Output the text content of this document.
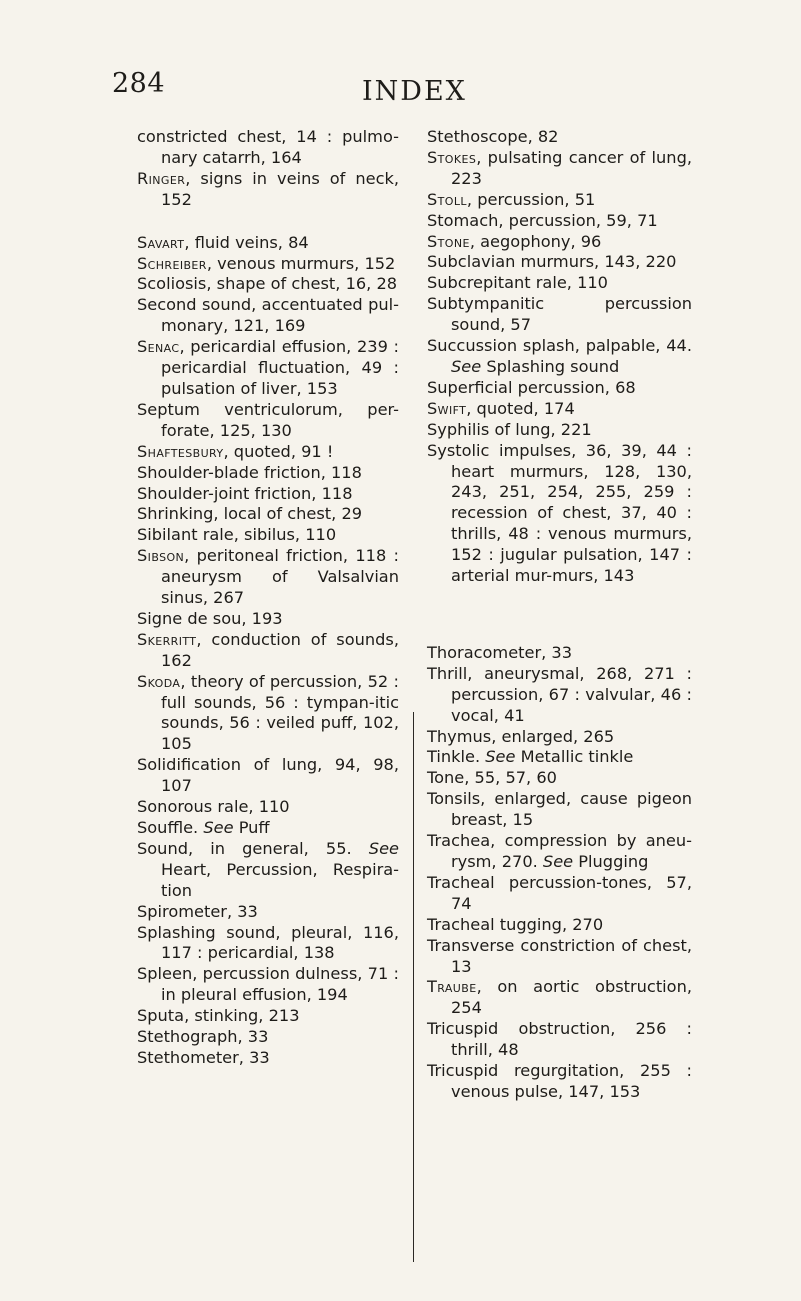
284	INDEX
constricted chest, 14 : pulmo-nary catarrh, 164
Ringer, signs in veins of neck, 152
Savart, fluid veins, 84
Schreiber, venous murmurs, 152
Scoliosis, shape of chest, 16, 28
Second sound, accentuated pul-monary, 121, 169
Senac, pericardial effusion, 239 : pericardial fluctuation, 49 : pulsation of liver, 153
Septum ventriculorum, per-forate, 125, 130
Shaftesbury, quoted, 91 !
Shoulder-blade friction, 118
Shoulder-joint friction, 118
Shrinking, local of chest, 29
Sibilant rale, sibilus, 110
Sibson, peritoneal friction, 118 : aneurysm of Valsalvian sinus, 267
Signe de sou, 193
Skerritt, conduction of sounds, 162
Skoda, theory of percussion, 52 : full sounds, 56 : tympan-itic sounds, 56 : veiled puff, 102, 105
Solidification of lung, 94, 98, 107
Sonorous rale, 110
Souffle. See Puff
Sound, in general, 55. See Heart, Percussion, Respira-tion
Spirometer, 33
Splashing sound, pleural, 116, 117 : pericardial, 138
Spleen, percussion dulness, 71 : in pleural effusion, 194
Sputa, stinking, 213
Stethograph, 33
Stethometer, 33
Stethoscope, 82
Stokes, pulsating cancer of lung, 223
Stoll, percussion, 51
Stomach, percussion, 59, 71
Stone, aegophony, 96
Subclavian murmurs, 143, 220
Subcrepitant rale, 110
Subtympanitic percussion sound, 57
Succussion splash, palpable, 44. See Splashing sound
Superficial percussion, 68
Swift, quoted, 174
Syphilis of lung, 221
Systolic impulses, 36, 39, 44 : heart murmurs, 128, 130, 243, 251, 254, 255, 259 : recession of chest, 37, 40 : thrills, 48 : venous murmurs, 152 : jugular pulsation, 147 : arterial mur-murs, 143
Thoracometer, 33
Thrill, aneurysmal, 268, 271 : percussion, 67 : valvular, 46 : vocal, 41
Thymus, enlarged, 265
Tinkle. See Metallic tinkle
Tone, 55, 57, 60
Tonsils, enlarged, cause pigeon breast, 15
Trachea, compression by aneu-rysm, 270. See Plugging
Tracheal percussion-tones, 57, 74
Tracheal tugging, 270
Transverse constriction of chest, 13
Traube, on aortic obstruction, 254
Tricuspid obstruction, 256 : thrill, 48
Tricuspid regurgitation, 255 : venous pulse, 147, 153
